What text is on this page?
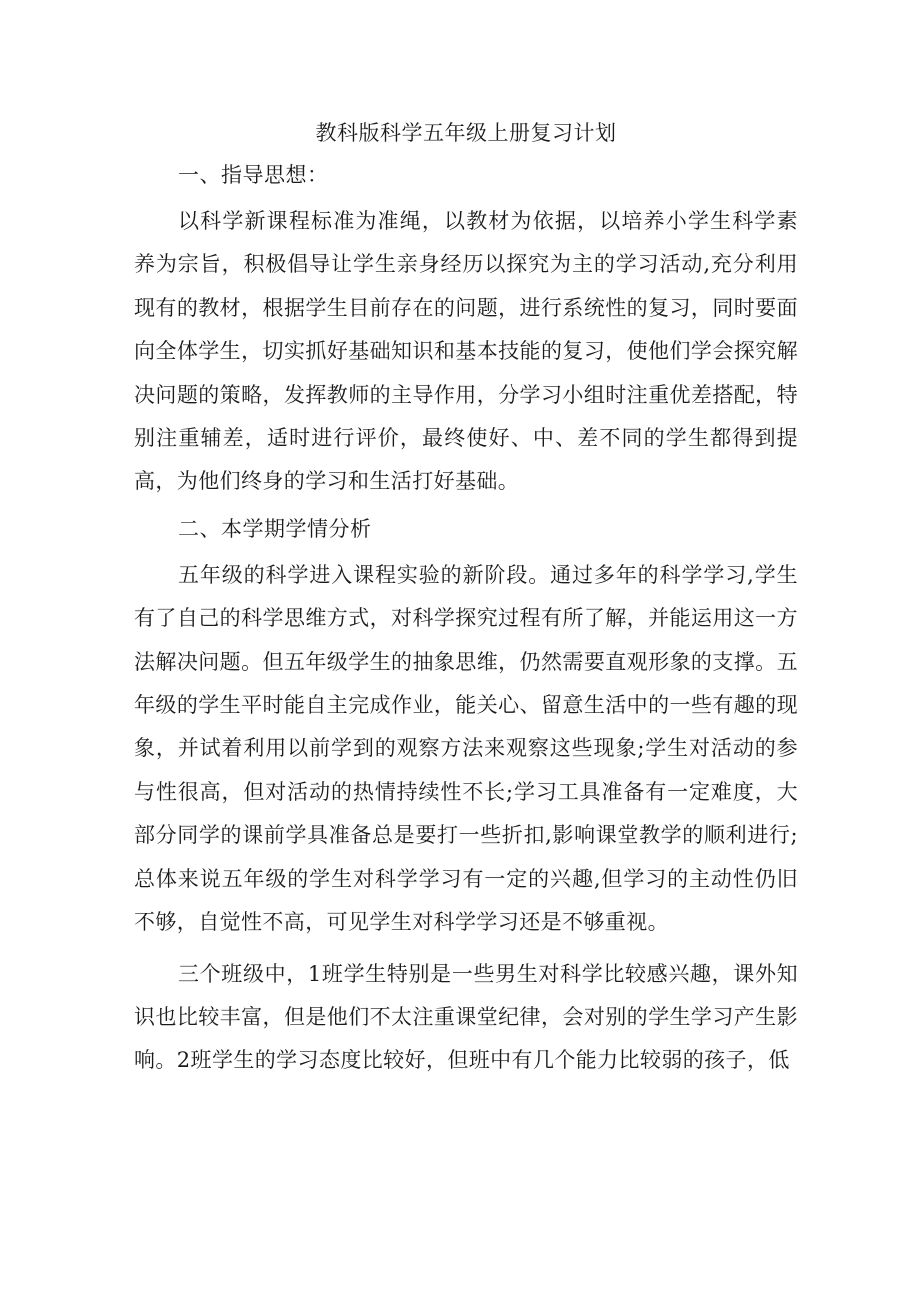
教科版科学五年级上册复习计划
一、指导思想：
以科学新课程标准为准绳，以教材为依据，以培养小学生科学素养为宗旨，积极倡导让学生亲身经历以探究为主的学习活动,充分利用现有的教材，根据学生目前存在的问题，进行系统性的复习，同时要面向全体学生，切实抓好基础知识和基本技能的复习，使他们学会探究解决问题的策略，发挥教师的主导作用，分学习小组时注重优差搭配，特别注重辅差，适时进行评价，最终使好、中、差不同的学生都得到提高，为他们终身的学习和生活打好基础。
二、本学期学情分析
五年级的科学进入课程实验的新阶段。通过多年的科学学习,学生有了自己的科学思维方式，对科学探究过程有所了解，并能运用这一方法解决问题。但五年级学生的抽象思维，仍然需要直观形象的支撑。五年级的学生平时能自主完成作业，能关心、留意生活中的一些有趣的现象，并试着利用以前学到的观察方法来观察这些现象;学生对活动的参与性很高，但对活动的热情持续性不长;学习工具准备有一定难度，大部分同学的课前学具准备总是要打一些折扣,影响课堂教学的顺利进行;总体来说五年级的学生对科学学习有一定的兴趣,但学习的主动性仍旧不够，自觉性不高，可见学生对科学学习还是不够重视。
三个班级中，1班学生特别是一些男生对科学比较感兴趣，课外知识也比较丰富，但是他们不太注重课堂纪律，会对别的学生学习产生影响。2班学生的学习态度比较好，但班中有几个能力比较弱的孩子，低
